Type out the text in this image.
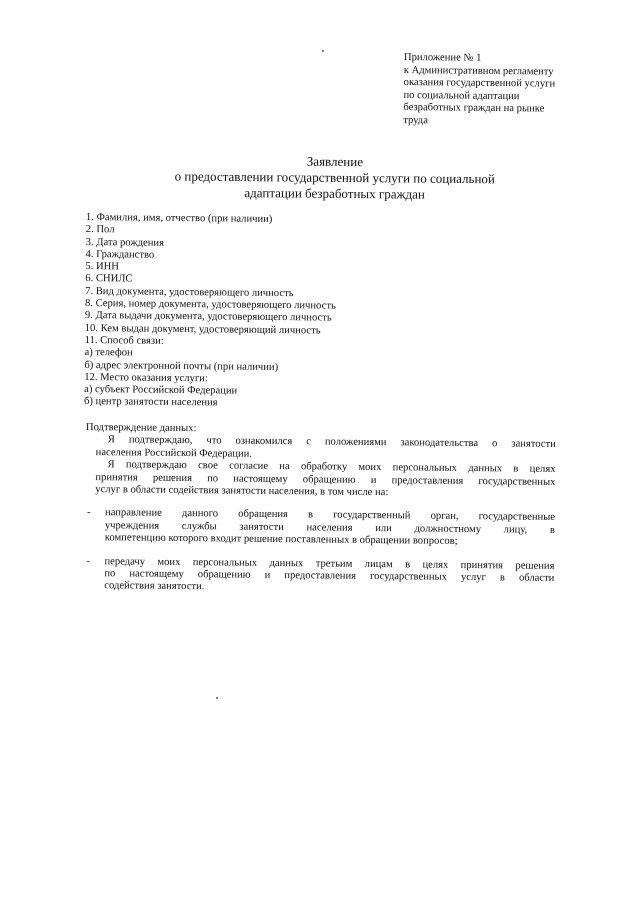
Приложение № 1
к Административном регламенту
оказания государственной услуги
по социальной адаптации
безработных граждан на рынке
труда
Заявление
о предоставлении государственной услуги по социальной
адаптации безработных граждан
1. Фамилия, имя, отчество (при наличии)
2. Пол
3. Дата рождения
4. Гражданство
5. ИНН
6. СНИЛС
7. Вид документа, удостоверяющего личность
8. Серия, номер документа, удостоверяющего личность
9. Дата выдачи документа, удостоверяющего личность
10. Кем выдан документ, удостоверяющий личность
11. Способ связи:
а) телефон
б) адрес электронной почты (при наличии)
12. Место оказания услуги:
а) субъект Российской Федерации
б) центр занятости населения
Подтверждение данных:
Я подтверждаю, что ознакомился с положениями законодательства о занятости
населения Российской Федерации.
Я подтверждаю свое согласие на обработку моих персональных данных в целях
принятия решения по настоящему обращению и предоставления государственных
услуг в области содействия занятости населения, в том числе на:
- направление данного обращения в государственный орган, государственные
учреждения службы занятости населения или должностному лицу, в
компетенцию которого входит решение поставленных в обращении вопросов;
- передачу моих персональных данных третьим лицам в целях принятия решения
по настоящему обращению и предоставления государственных услуг в области
содействия занятости.
